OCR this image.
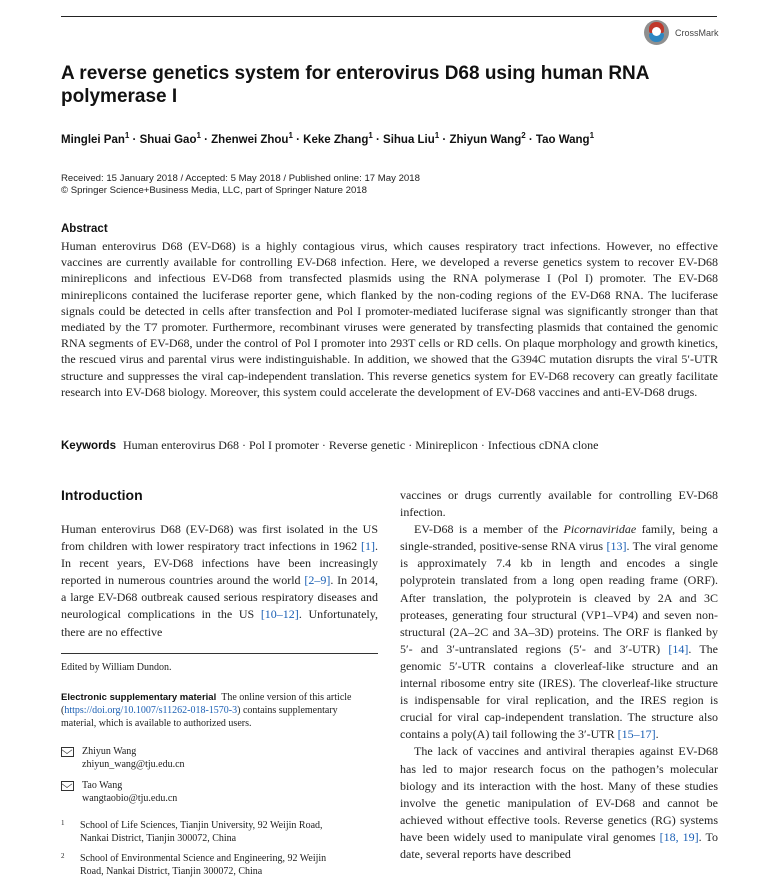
CrossMark
A reverse genetics system for enterovirus D68 using human RNA polymerase I
Minglei Pan$^1$ · Shuai Gao$^1$ · Zhenwei Zhou$^1$ · Keke Zhang$^1$ · Sihua Liu$^1$ · Zhiyun Wang$^2$ · Tao Wang$^1$
Received: 15 January 2018 / Accepted: 5 May 2018 / Published online: 17 May 2018
© Springer Science+Business Media, LLC, part of Springer Nature 2018
Abstract
Human enterovirus D68 (EV-D68) is a highly contagious virus, which causes respiratory tract infections. However, no effective vaccines are currently available for controlling EV-D68 infection. Here, we developed a reverse genetics system to recover EV-D68 minireplicons and infectious EV-D68 from transfected plasmids using the RNA polymerase I (Pol I) promoter. The EV-D68 minireplicons contained the luciferase reporter gene, which flanked by the non-coding regions of the EV-D68 RNA. The luciferase signals could be detected in cells after transfection and Pol I promoter-mediated luciferase signal was significantly stronger than that mediated by the T7 promoter. Furthermore, recombinant viruses were generated by transfecting plasmids that contained the genomic RNA segments of EV-D68, under the control of Pol I promoter into 293T cells or RD cells. On plaque morphology and growth kinetics, the rescued virus and parental virus were indistinguishable. In addition, we showed that the G394C mutation disrupts the viral 5′-UTR structure and suppresses the viral cap-independent translation. This reverse genetics system for EV-D68 recovery can greatly facilitate research into EV-D68 biology. Moreover, this system could accelerate the development of EV-D68 vaccines and anti-EV-D68 drugs.
Keywords Human enterovirus D68 · Pol I promoter · Reverse genetic · Minireplicon · Infectious cDNA clone
Introduction
Human enterovirus D68 (EV-D68) was first isolated in the US from children with lower respiratory tract infections in 1962 [1]. In recent years, EV-D68 infections have been increasingly reported in numerous countries around the world [2–9]. In 2014, a large EV-D68 outbreak caused serious respiratory diseases and neurological complications in the US [10–12]. Unfortunately, there are no effective

vaccines or drugs currently available for controlling EV-D68 infection.

EV-D68 is a member of the Picornaviridae family, being a single-stranded, positive-sense RNA virus [13]. The viral genome is approximately 7.4 kb in length and encodes a single polyprotein translated from a long open reading frame (ORF). After translation, the polyprotein is cleaved by 2A and 3C proteases, generating four structural (VP1–VP4) and seven non-structural (2A–2C and 3A–3D) proteins. The ORF is flanked by 5′- and 3′-untranslated regions (5′- and 3′-UTR) [14]. The genomic 5′-UTR contains a cloverleaf-like structure and an internal ribosome entry site (IRES). The cloverleaf-like structure is indispensable for viral replication, and the IRES region is crucial for viral cap-independent translation. The structure also contains a poly(A) tail following the 3′-UTR [15–17].

The lack of vaccines and antiviral therapies against EV-D68 has led to major research focus on the pathogen’s molecular biology and its interaction with the host. Many of these studies involve the genetic manipulation of EV-D68 and cannot be achieved without effective tools. Reverse genetics (RG) systems have been widely used to manipulate viral genomes [18, 19]. To date, several reports have described

Edited by William Dundon.
Electronic supplementary material The online version of this article (https://doi.org/10.1007/s11262-018-1570-3) contains supplementary material, which is available to authorized users.
Zhiyun Wang
zhiyun_wang@tju.edu.cn
Tao Wang
wangtaobio@tju.edu.cn
1	School of Life Sciences, Tianjin University, 92 Weijin Road,
Nankai District, Tianjin 300072, China
2	School of Environmental Science and Engineering, 92 Weijin
Road, Nankai District, Tianjin 300072, China
